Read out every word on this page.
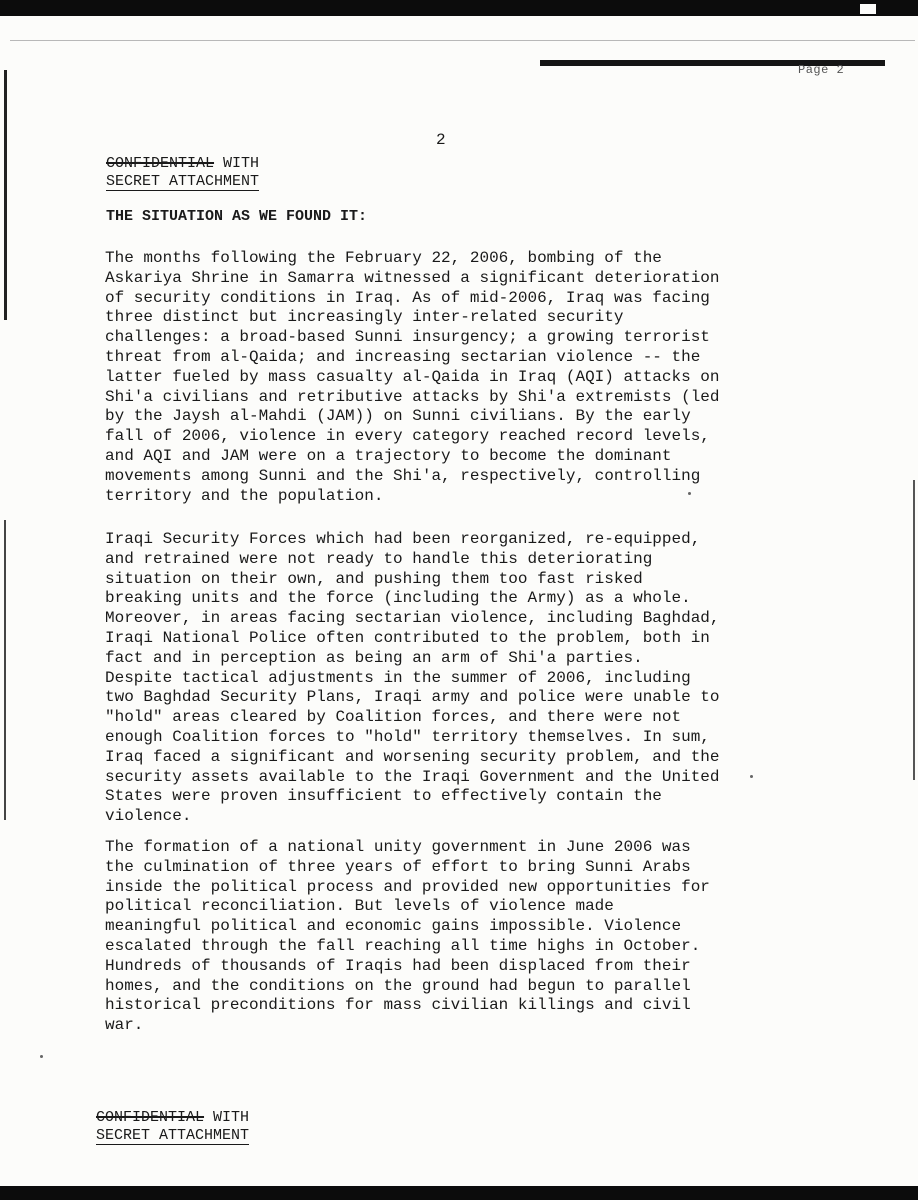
Page 2
2
CONFIDENTIAL WITH
SECRET ATTACHMENT
THE SITUATION AS WE FOUND IT:
The months following the February 22, 2006, bombing of the
Askariya Shrine in Samarra witnessed a significant deterioration
of security conditions in Iraq. As of mid-2006, Iraq was facing
three distinct but increasingly inter-related security
challenges: a broad-based Sunni insurgency; a growing terrorist
threat from al-Qaida; and increasing sectarian violence -- the
latter fueled by mass casualty al-Qaida in Iraq (AQI) attacks on
Shi'a civilians and retributive attacks by Shi'a extremists (led
by the Jaysh al-Mahdi (JAM)) on Sunni civilians. By the early
fall of 2006, violence in every category reached record levels,
and AQI and JAM were on a trajectory to become the dominant
movements among Sunni and the Shi'a, respectively, controlling
territory and the population.
Iraqi Security Forces which had been reorganized, re-equipped,
and retrained were not ready to handle this deteriorating
situation on their own, and pushing them too fast risked
breaking units and the force (including the Army) as a whole.
Moreover, in areas facing sectarian violence, including Baghdad,
Iraqi National Police often contributed to the problem, both in
fact and in perception as being an arm of Shi'a parties.
Despite tactical adjustments in the summer of 2006, including
two Baghdad Security Plans, Iraqi army and police were unable to
"hold" areas cleared by Coalition forces, and there were not
enough Coalition forces to "hold" territory themselves. In sum,
Iraq faced a significant and worsening security problem, and the
security assets available to the Iraqi Government and the United
States were proven insufficient to effectively contain the
violence.
The formation of a national unity government in June 2006 was
the culmination of three years of effort to bring Sunni Arabs
inside the political process and provided new opportunities for
political reconciliation. But levels of violence made
meaningful political and economic gains impossible. Violence
escalated through the fall reaching all time highs in October.
Hundreds of thousands of Iraqis had been displaced from their
homes, and the conditions on the ground had begun to parallel
historical preconditions for mass civilian killings and civil
war.
CONFIDENTIAL WITH
SECRET ATTACHMENT
